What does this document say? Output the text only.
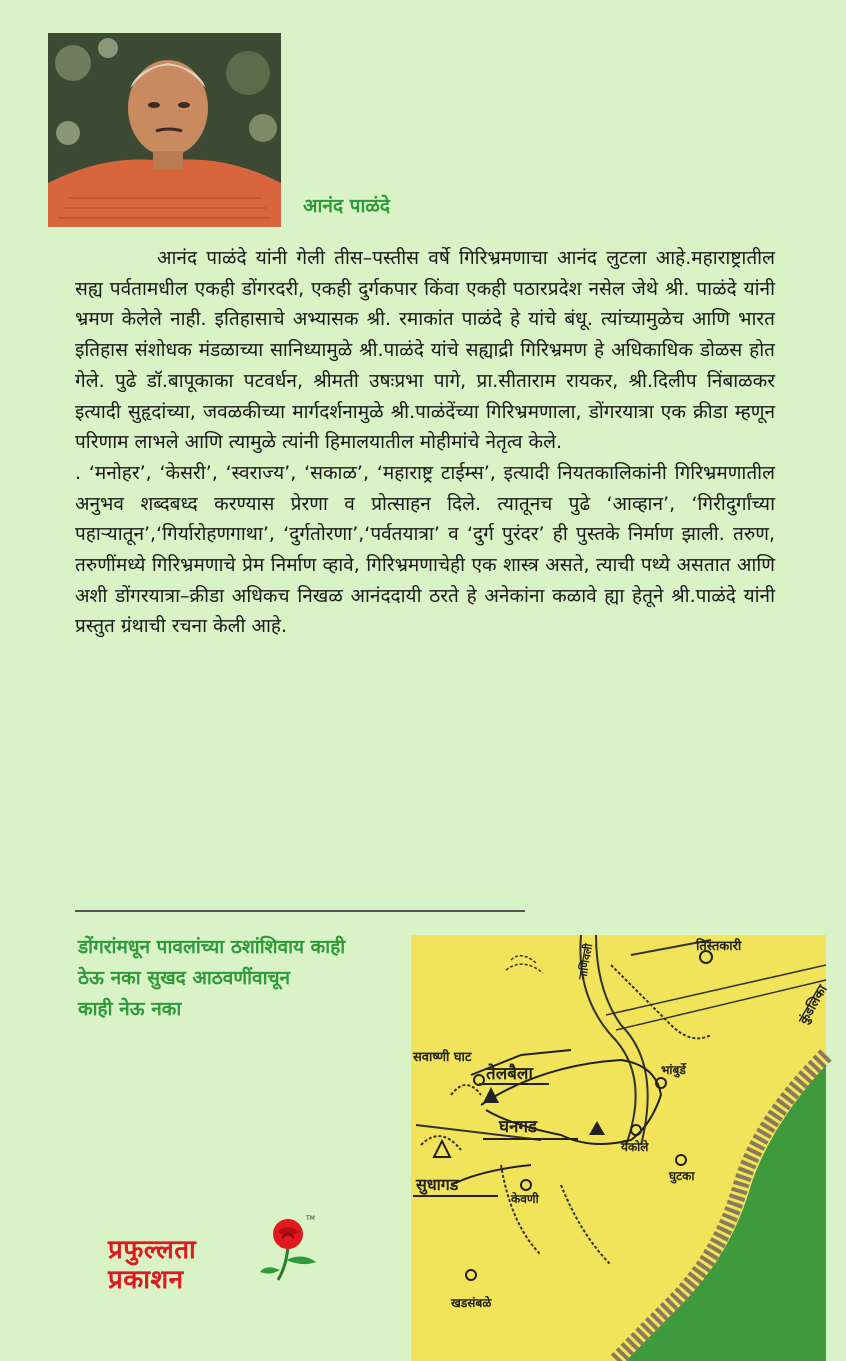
आनंद पाळंदे

आनंद पाळंदे यांनी गेली तीस–पस्तीस वर्षे गिरिभ्रमणाचा आनंद लुटला आहे.महाराष्ट्रातील सह्य पर्वतामधील एकही डोंगरदरी, एकही दुर्गकपार किंवा एकही पठारप्रदेश नसेल जेथे श्री. पाळंदे यांनी भ्रमण केलेले नाही. इतिहासाचे अभ्यासक श्री. रमाकांत पाळंदे हे यांचे बंधू. त्यांच्यामुळेच आणि भारत इतिहास संशोधक मंडळाच्या सानिध्यामुळे श्री.पाळंदे यांचे सह्याद्री गिरिभ्रमण हे अधिकाधिक डोळस होत गेले. पुढे डॉ.बापूकाका पटवर्धन, श्रीमती उषःप्रभा पागे, प्रा.सीताराम रायकर, श्री.दिलीप निंबाळकर इत्यादी सुहृदांच्या, जवळकीच्या मार्गदर्शनामुळे श्री.पाळंदेंच्या गिरिभ्रमणाला, डोंगरयात्रा एक क्रीडा म्हणून परिणाम लाभले आणि त्यामुळे त्यांनी हिमालयातील मोहीमांचे नेतृत्व केले.

. ‘मनोहर’, ‘केसरी’, ‘स्वराज्य’, ‘सकाळ’, ‘महाराष्ट्र टाईम्स’, इत्यादी नियतकालिकांनी गिरिभ्रमणातील अनुभव शब्दबध्द करण्यास प्रेरणा व प्रोत्साहन दिले. त्यातूनच पुढे ‘आव्हान’, ‘गिरीदुर्गांच्या पहाऱ्यातून’,‘गिर्यारोहणगाथा’, ‘दुर्गतोरणा’,‘पर्वतयात्रा’ व ‘दुर्ग पुरंदर’ ही पुस्तके निर्माण झाली. तरुण, तरुणींमध्ये गिरिभ्रमणाचे प्रेम निर्माण व्हावे, गिरिभ्रमणाचेही एक शास्त्र असते, त्याची पथ्ये असतात आणि अशी डोंगरयात्रा–क्रीडा अधिकच निखळ आनंददायी ठरते हे अनेकांना कळावे ह्या हेतूने श्री.पाळंदे यांनी प्रस्तुत ग्रंथाची रचना केली आहे.

डोंगरांमधून पावलांच्या ठशांशिवाय काही
ठेऊ नका सुखद आठवणींवाचून
काही नेऊ नका
तिस्तकारी
नाणिवली
कुंडलिका
सवाष्णी घाट
तेलबैला	भांबुर्डे
घनगड
येकोले
सुधागड
केवणी
घुटका
खडसंबळे
प्रफुल्लता
प्रकाशन
TM
